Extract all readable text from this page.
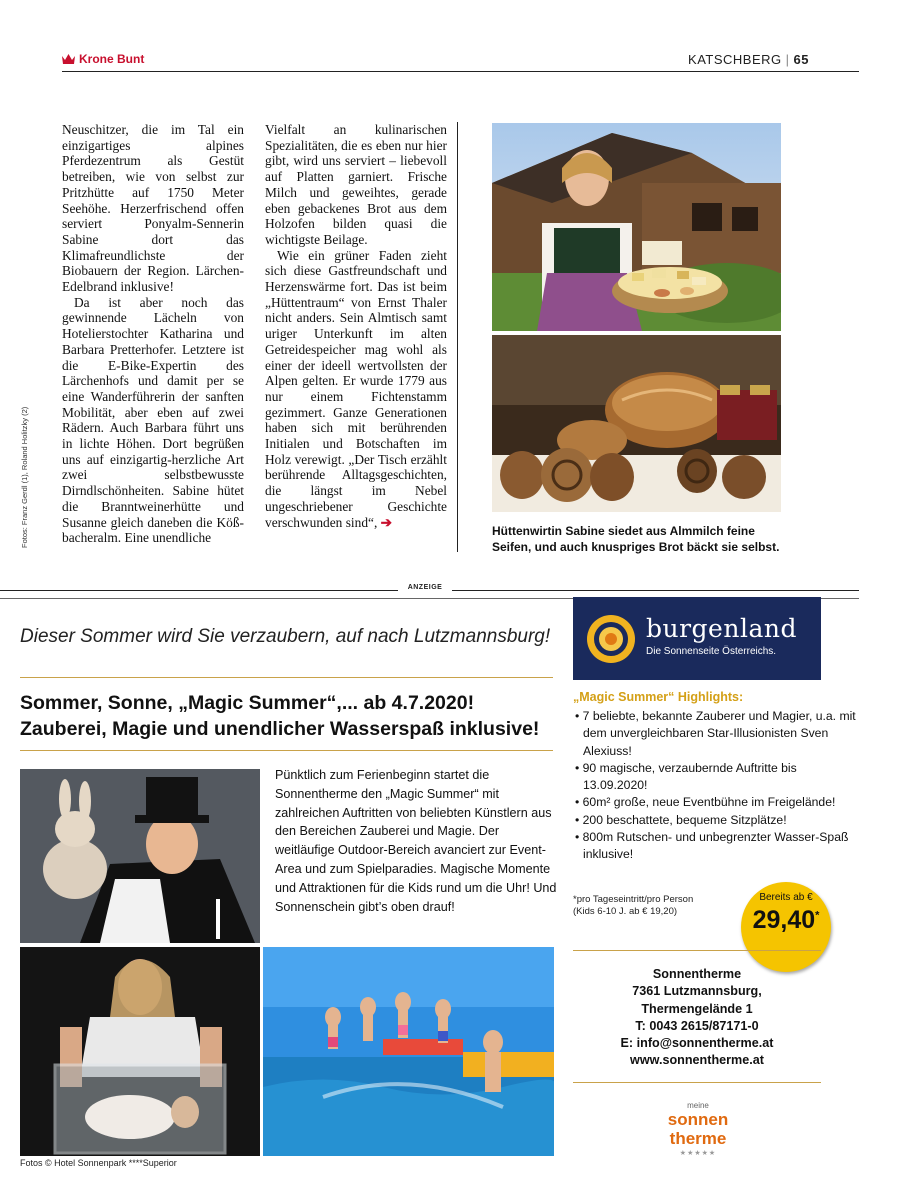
Krone Bunt	KATSCHBERG | 65
Fotos: Franz Gerdl (1), Roland Holitzky (2)

Neuschitzer, die im Tal ein einzigartiges alpines Pferdezentrum als Gestüt betreiben, wie von selbst zur Pritzhütte auf 1750 Meter Seehöhe. Herzerfrischend offen serviert Ponyalm-Sennerin Sabine dort das Klimafreundlichste der Biobauern der Region. Lärchen-Edelbrand inklusive!

Da ist aber noch das gewinnende Lächeln von Hotelierstochter Katharina und Barbara Pretterhofer. Letztere ist die E-Bike-Expertin des Lärchenhofs und damit per se eine Wanderführerin der sanften Mobilität, aber eben auf zwei Rädern. Auch Barbara führt uns in lichte Höhen. Dort begrüßen uns auf einzigartig-herzliche Art zwei selbstbewusste Dirndlschönheiten. Sabine hütet die Branntweinerhütte und Susanne gleich daneben die Kößbacheralm. Eine unendliche

Vielfalt an kulinarischen Spezialitäten, die es eben nur hier gibt, wird uns serviert – liebevoll auf Platten garniert. Frische Milch und geweihtes, gerade eben gebackenes Brot aus dem Holzofen bilden quasi die wichtigste Beilage.

Wie ein grüner Faden zieht sich diese Gastfreundschaft und Herzenswärme fort. Das ist beim „Hüttentraum“ von Ernst Thaler nicht anders. Sein Almtisch samt uriger Unterkunft im alten Getreidespeicher mag wohl als einer der ideell wertvollsten der Alpen gelten. Er wurde 1779 aus nur einem Fichtenstamm gezimmert. Ganze Generationen haben sich mit berührenden Initialen und Botschaften im Holz verewigt. „Der Tisch erzählt berührende Alltagsgeschichten, die längst im Nebel ungeschriebener Geschichte verschwunden sind“, ➔

Hüttenwirtin Sabine siedet aus Almmilch feine Seifen, und auch knuspriges Brot bäckt sie selbst.
ANZEIGE
Dieser Sommer wird Sie verzaubern, auf nach Lutzmannsburg!
Sommer, Sonne, „Magic Summer“,... ab 4.7.2020!
Zauberei, Magie und unendlicher Wasserspaß inklusive!
Pünktlich zum Ferienbeginn startet die Sonnentherme den „Magic Summer“ mit zahlreichen Auftritten von beliebten Künstlern aus den Bereichen Zauberei und Magie. Der weitläufige Outdoor-Bereich avanciert zur Event-Area und zum Spielparadies. Magische Momente und Attraktionen für die Kids rund um die Uhr! Und Sonnenschein gibt’s oben drauf!
Fotos © Hotel Sonnenpark ****Superior
burgenland
Die Sonnenseite Österreichs.
„Magic Summer“ Highlights:
• 7 beliebte, bekannte Zauberer und Magier, u.a. mit dem unvergleichbaren Star-Illusionisten Sven Alexiuss!
• 90 magische, verzaubernde Auftritte bis 13.09.2020!
• 60m² große, neue Eventbühne im Freigelände!
• 200 beschattete, bequeme Sitzplätze!
• 800m Rutschen- und unbegrenzter Wasser-Spaß inklusive!
*pro Tageseintritt/pro Person
(Kids 6-10 J. ab € 19,20)
Bereits ab €
29,40*
Sonnentherme
7361 Lutzmannsburg,
Thermengelände 1
T: 0043 2615/87171-0
E: info@sonnentherme.at
www.sonnentherme.at
meine
sonnen
therme
★★★★★
